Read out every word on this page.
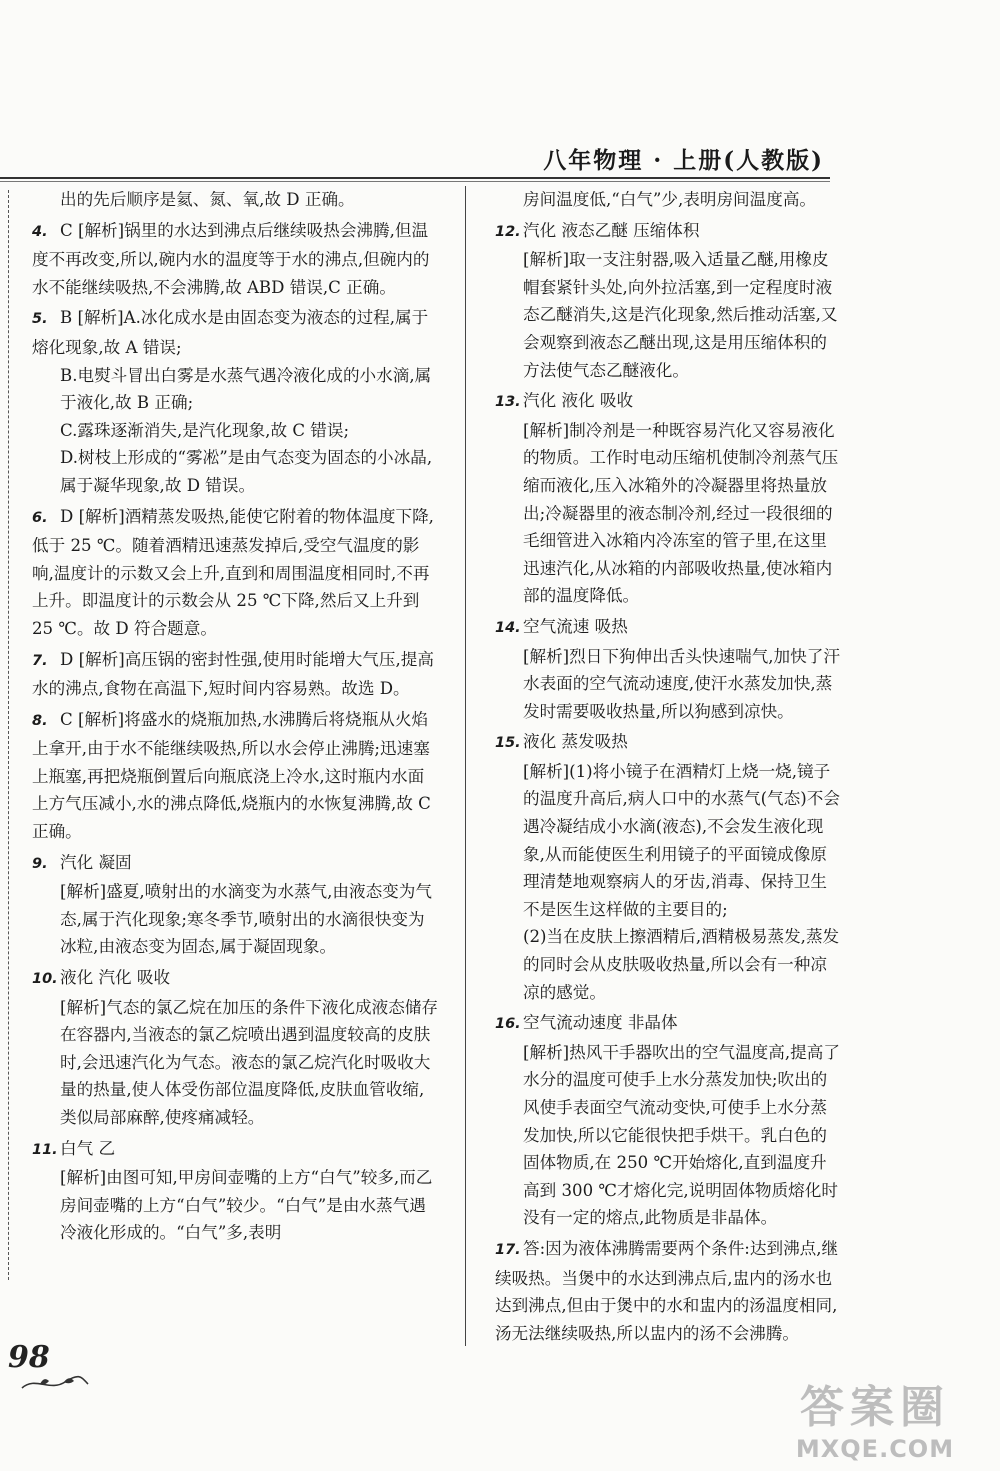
八年物理 · 上册(人教版)

出的先后顺序是氦、氮、氧,故 D 正确。

4. C [解析]锅里的水达到沸点后继续吸热会沸腾,但温度不再改变,所以,碗内水的温度等于水的沸点,但碗内的水不能继续吸热,不会沸腾,故 ABD 错误,C 正确。

5. B [解析]A.冰化成水是由固态变为液态的过程,属于熔化现象,故 A 错误;

B.电熨斗冒出白雾是水蒸气遇冷液化成的小水滴,属于液化,故 B 正确;

C.露珠逐渐消失,是汽化现象,故 C 错误;

D.树枝上形成的“雾凇”是由气态变为固态的小冰晶,属于凝华现象,故 D 错误。

6. D [解析]酒精蒸发吸热,能使它附着的物体温度下降,低于 25 ℃。随着酒精迅速蒸发掉后,受空气温度的影响,温度计的示数又会上升,直到和周围温度相同时,不再上升。即温度计的示数会从 25 ℃下降,然后又上升到 25 ℃。故 D 符合题意。

7. D [解析]高压锅的密封性强,使用时能增大气压,提高水的沸点,食物在高温下,短时间内容易熟。故选 D。

8. C [解析]将盛水的烧瓶加热,水沸腾后将烧瓶从火焰上拿开,由于水不能继续吸热,所以水会停止沸腾;迅速塞上瓶塞,再把烧瓶倒置后向瓶底浇上冷水,这时瓶内水面上方气压减小,水的沸点降低,烧瓶内的水恢复沸腾,故 C 正确。

9. 汽化 凝固

[解析]盛夏,喷射出的水滴变为水蒸气,由液态变为气态,属于汽化现象;寒冬季节,喷射出的水滴很快变为冰粒,由液态变为固态,属于凝固现象。

10. 液化 汽化 吸收

[解析]气态的氯乙烷在加压的条件下液化成液态储存在容器内,当液态的氯乙烷喷出遇到温度较高的皮肤时,会迅速汽化为气态。液态的氯乙烷汽化时吸收大量的热量,使人体受伤部位温度降低,皮肤血管收缩,类似局部麻醉,使疼痛减轻。

11. 白气 乙

[解析]由图可知,甲房间壶嘴的上方“白气”较多,而乙房间壶嘴的上方“白气”较少。“白气”是由水蒸气遇冷液化形成的。“白气”多,表明

房间温度低,“白气”少,表明房间温度高。

12. 汽化 液态乙醚 压缩体积

[解析]取一支注射器,吸入适量乙醚,用橡皮帽套紧针头处,向外拉活塞,到一定程度时液态乙醚消失,这是汽化现象,然后推动活塞,又会观察到液态乙醚出现,这是用压缩体积的方法使气态乙醚液化。

13. 汽化 液化 吸收

[解析]制冷剂是一种既容易汽化又容易液化的物质。工作时电动压缩机使制冷剂蒸气压缩而液化,压入冰箱外的冷凝器里将热量放出;冷凝器里的液态制冷剂,经过一段很细的毛细管进入冰箱内冷冻室的管子里,在这里迅速汽化,从冰箱的内部吸收热量,使冰箱内部的温度降低。

14. 空气流速 吸热

[解析]烈日下狗伸出舌头快速喘气,加快了汗水表面的空气流动速度,使汗水蒸发加快,蒸发时需要吸收热量,所以狗感到凉快。

15. 液化 蒸发吸热

[解析](1)将小镜子在酒精灯上烧一烧,镜子的温度升高后,病人口中的水蒸气(气态)不会遇冷凝结成小水滴(液态),不会发生液化现象,从而能使医生利用镜子的平面镜成像原理清楚地观察病人的牙齿,消毒、保持卫生不是医生这样做的主要目的;

(2)当在皮肤上擦酒精后,酒精极易蒸发,蒸发的同时会从皮肤吸收热量,所以会有一种凉凉的感觉。

16. 空气流动速度 非晶体

[解析]热风干手器吹出的空气温度高,提高了水分的温度可使手上水分蒸发加快;吹出的风使手表面空气流动变快,可使手上水分蒸发加快,所以它能很快把手烘干。乳白色的固体物质,在 250 ℃开始熔化,直到温度升高到 300 ℃才熔化完,说明固体物质熔化时没有一定的熔点,此物质是非晶体。

17. 答:因为液体沸腾需要两个条件:达到沸点,继续吸热。当煲中的水达到沸点后,盅内的汤水也达到沸点,但由于煲中的水和盅内的汤温度相同,汤无法继续吸热,所以盅内的汤不会沸腾。

98
答案圈
MXQE.COM
